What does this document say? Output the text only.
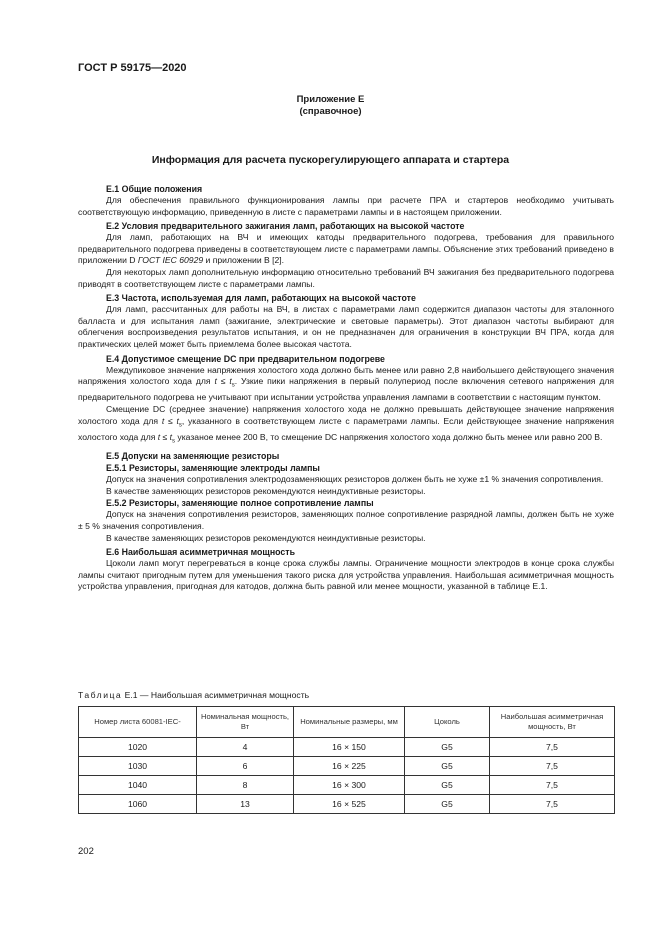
ГОСТ Р 59175—2020
Приложение Е
(справочное)
Информация для расчета пускорегулирующего аппарата и стартера
Е.1 Общие положения

Для обеспечения правильного функционирования лампы при расчете ПРА и стартеров необходимо учитывать соответствующую информацию, приведенную в листе с параметрами лампы и в настоящем приложении.

Е.2 Условия предварительного зажигания ламп, работающих на высокой частоте

Для ламп, работающих на ВЧ и имеющих катоды предварительного подогрева, требования для правильного предварительного подогрева приведены в соответствующем листе с параметрами лампы. Объяснение этих требований приведено в приложении D ГОСТ IEC 60929 и приложении В [2].

Для некоторых ламп дополнительную информацию относительно требований ВЧ зажигания без предварительного подогрева приводят в соответствующем листе с параметрами лампы.

Е.3 Частота, используемая для ламп, работающих на высокой частоте

Для ламп, рассчитанных для работы на ВЧ, в листах с параметрами ламп содержится диапазон частоты для эталонного балласта и для испытания ламп (зажигание, электрические и световые параметры). Этот диапазон частоты выбирают для облегчения воспроизведения результатов испытания, и он не предназначен для ограничения в конструкции ВЧ ПРА, когда для практических целей может быть приемлема более высокая частота.

Е.4 Допустимое смещение DC при предварительном подогреве

Междупиковое значение напряжения холостого хода должно быть менее или равно 2,8 наибольшего действующего значения напряжения холостого хода для $t \le t_s$. Узкие пики напряжения в первый полупериод после включения сетевого напряжения для предварительного подогрева не учитывают при испытании устройства управления лампами в соответствии с настоящим пунктом.

Смещение DC (среднее значение) напряжения холостого хода не должно превышать действующее значение напряжения холостого хода для $t \le t_s$, указанного в соответствующем листе с параметрами лампы. Если действующее значение напряжения холостого хода для $t \le t_s$ указаное менее 200 В, то смещение DC напряжения холостого хода должно быть менее или равно 200 В.

Е.5 Допуски на заменяющие резисторы
Е.5.1 Резисторы, заменяющие электроды лампы

Допуск на значения сопротивления электродозаменяющих резисторов должен быть не хуже ±1 % значения сопротивления.

В качестве заменяющих резисторов рекомендуются неиндуктивные резисторы.

Е.5.2 Резисторы, заменяющие полное сопротивление лампы

Допуск на значения сопротивления резисторов, заменяющих полное сопротивление разрядной лампы, должен быть не хуже ± 5 % значения сопротивления.

В качестве заменяющих резисторов рекомендуются неиндуктивные резисторы.

Е.6 Наибольшая асимметричная мощность

Цоколи ламп могут перегреваться в конце срока службы лампы. Ограничение мощности электродов в конце срока службы лампы считают пригодным путем для уменьшения такого риска для устройства управления. Наибольшая асимметричная мощность устройства управления, пригодная для катодов, должна быть равной или менее мощности, указанной в таблице Е.1.

Таблица Е.1 — Наибольшая асимметричная мощность
Номер листа 60081-IEC-	Номинальная мощность, Вт	Номинальные размеры, мм	Цоколь	Наибольшая асимметричная мощность, Вт
1020	4	16 × 150	G5	7,5
1030	6	16 × 225	G5	7,5
1040	8	16 × 300	G5	7,5
1060	13	16 × 525	G5	7,5
202
